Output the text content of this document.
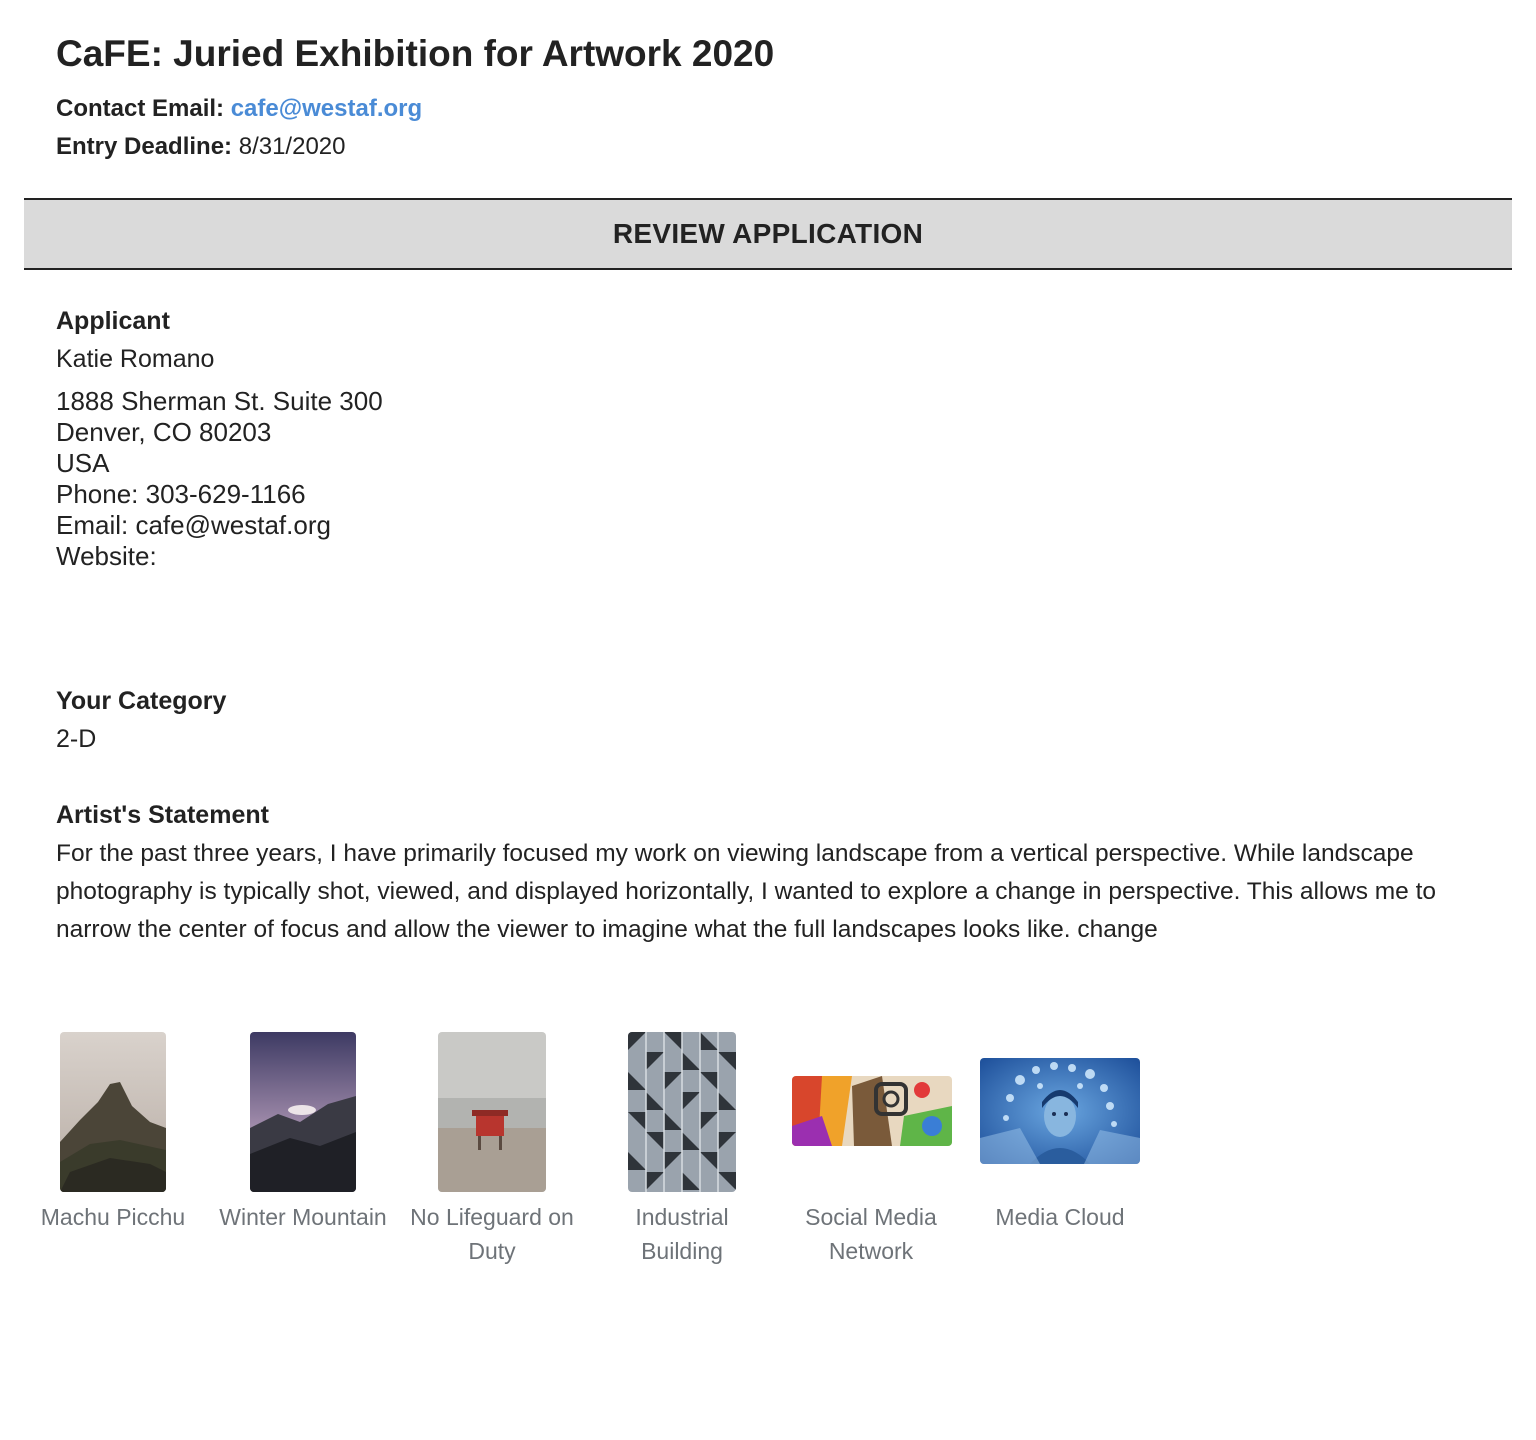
CaFE: Juried Exhibition for Artwork 2020
Contact Email: cafe@westaf.org
Entry Deadline: 8/31/2020
REVIEW APPLICATION
Applicant
Katie Romano
1888 Sherman St. Suite 300
Denver, CO 80203
USA
Phone: 303-629-1166
Email: cafe@westaf.org
Website:
Your Category
2-D
Artist's Statement
For the past three years, I have primarily focused my work on viewing landscape from a vertical perspective. While landscape photography is typically shot, viewed, and displayed horizontally, I wanted to explore a change in perspective. This allows me to narrow the center of focus and allow the viewer to imagine what the full landscapes looks like. change
Machu Picchu	Winter Mountain	No Lifeguard on Duty
Industrial Building
Social Media Network
Media Cloud
